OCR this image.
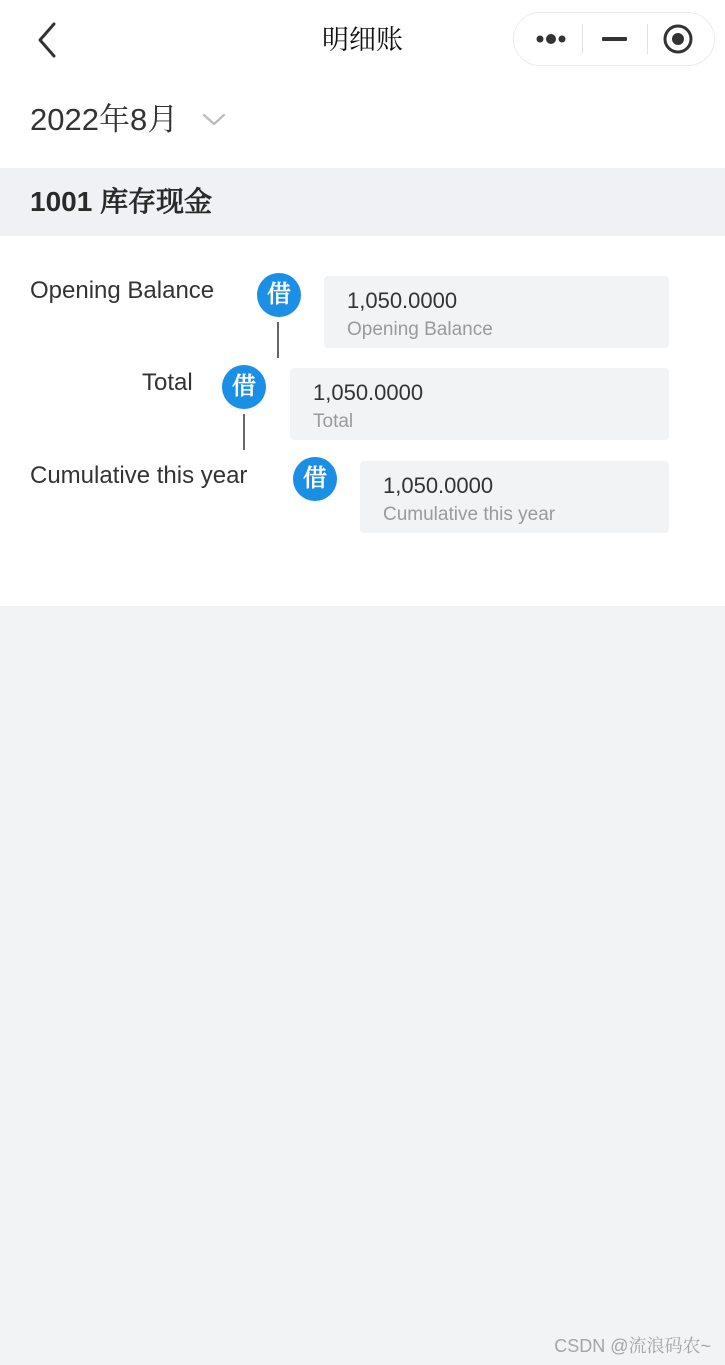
明细账
2022年8月
1001 库存现金
Opening Balance	借	1,050.0000
Opening Balance
Total	借	1,050.0000
Total
Cumulative this year	借	1,050.0000
Cumulative this year
CSDN @流浪码农~
